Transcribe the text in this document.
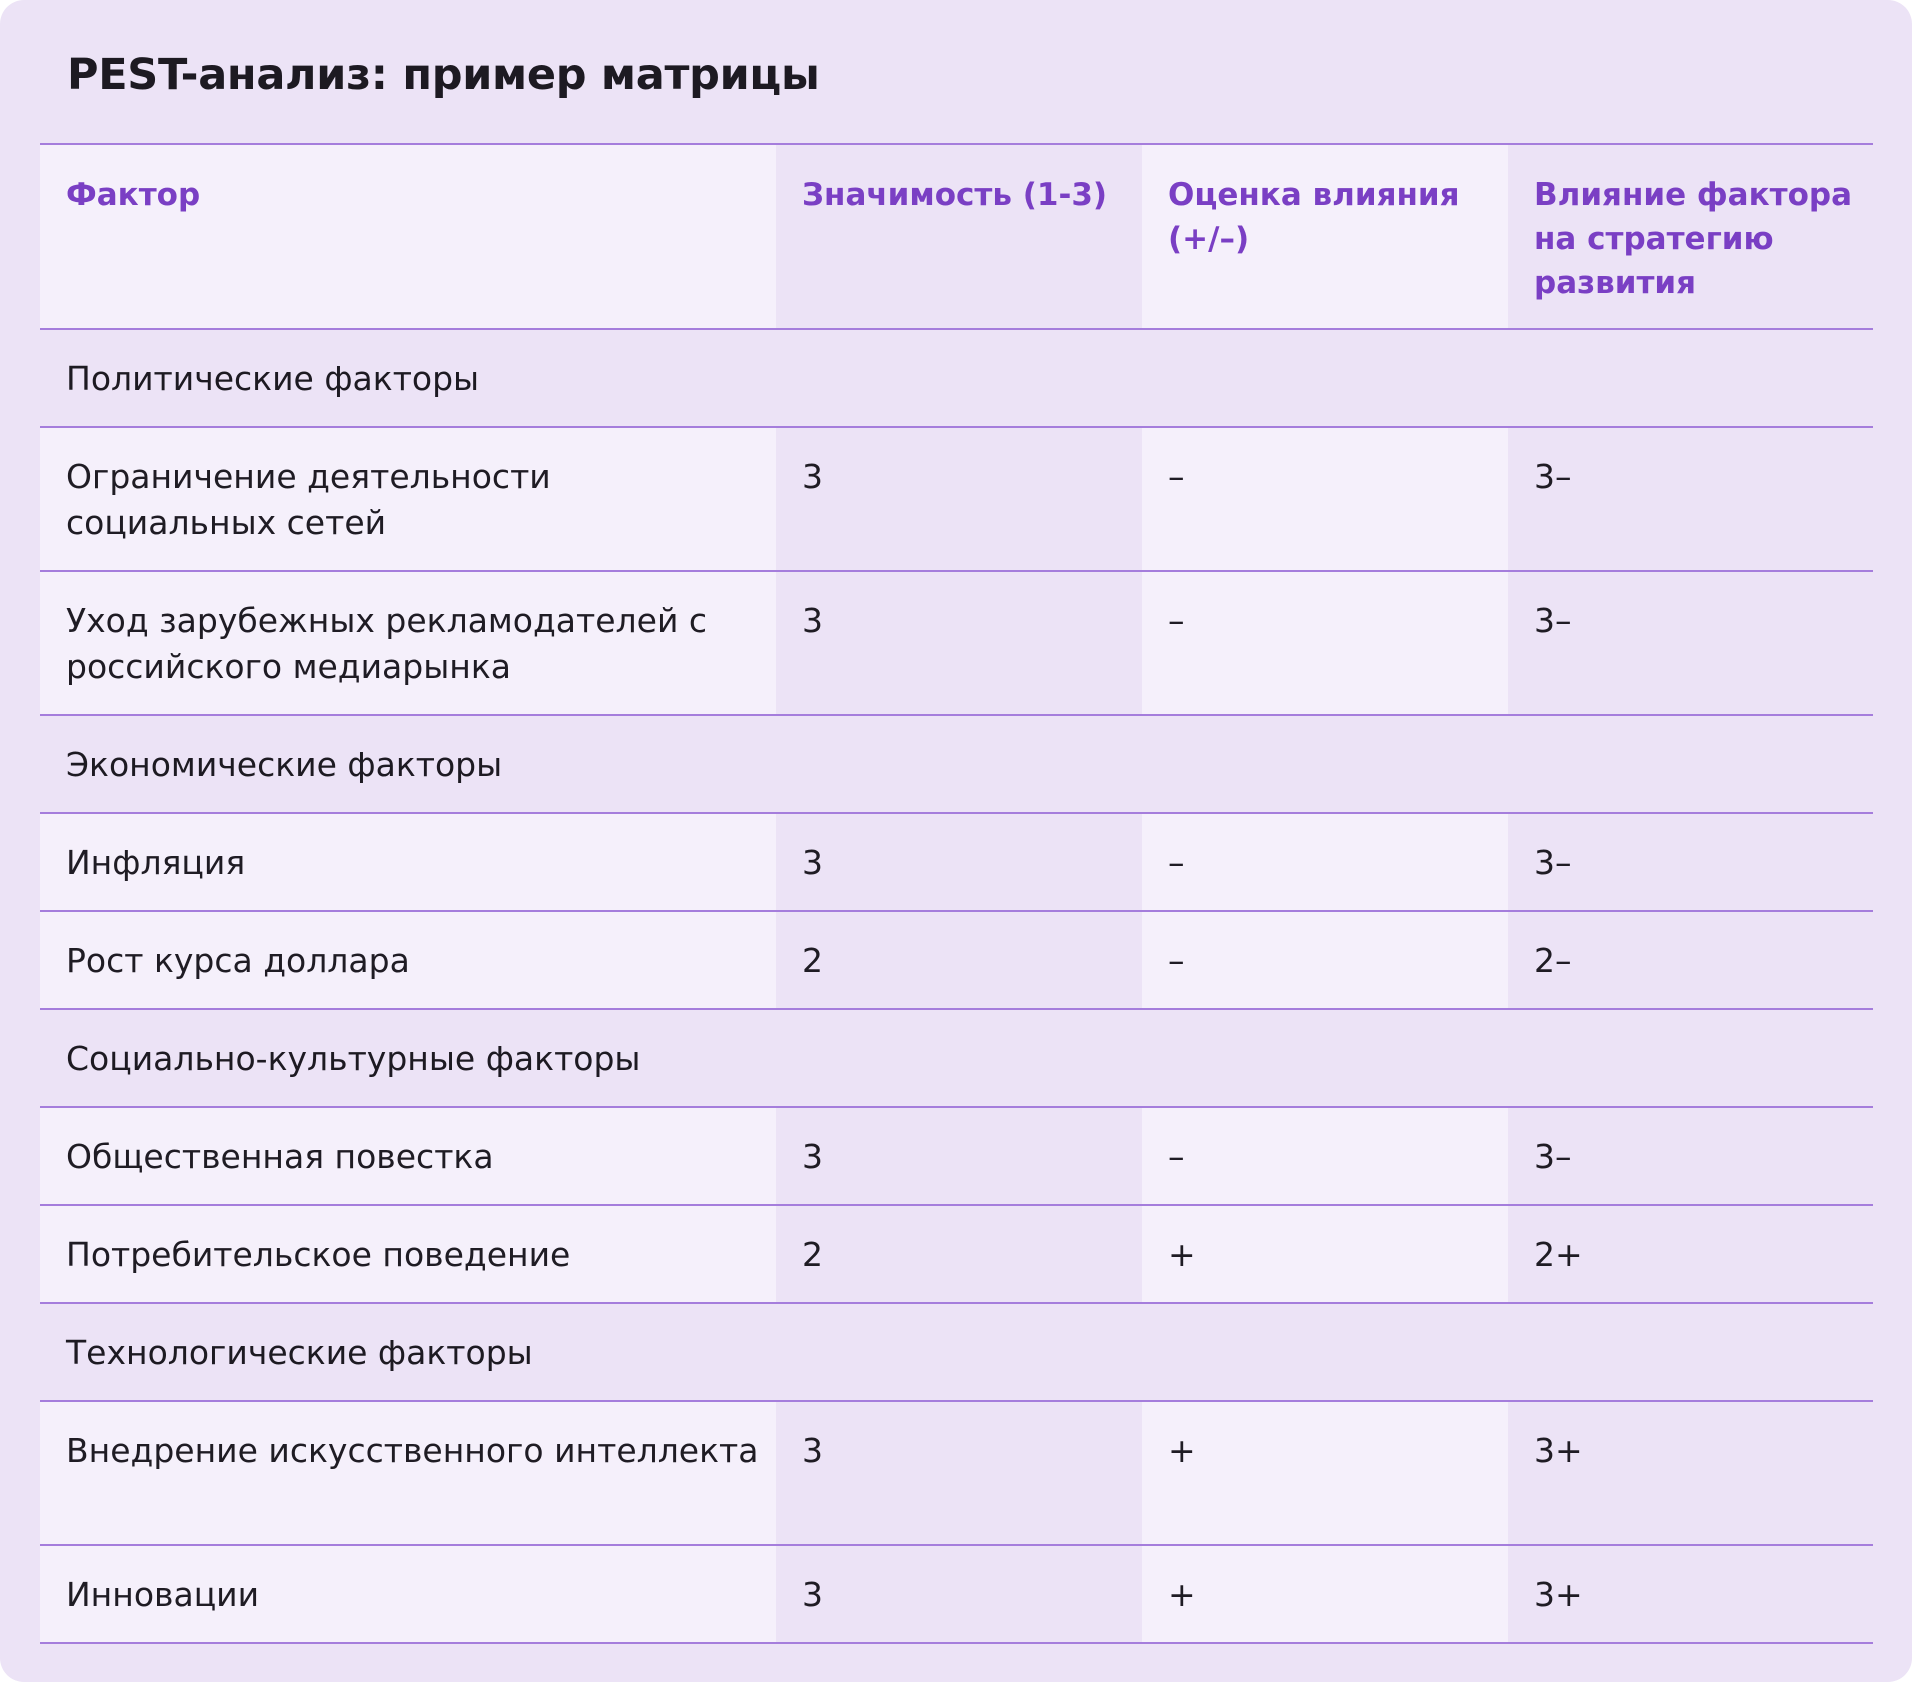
PEST-анализ: пример матрицы
Фактор	Значимость (1-3)	Оценка влияния (+/–)	Влияние фактора на стратегию развития
Политические факторы			
Ограничение деятельности социальных сетей	3	–	3–
Уход зарубежных рекламодателей с российского медиарынка	3	–	3–
Экономические факторы			
Инфляция	3	–	3–
Рост курса доллара	2	–	2–
Социально-культурные факторы			
Общественная повестка	3	–	3–
Потребительское поведение	2	+	2+
Технологические факторы			
Внедрение искусственного интеллекта	3	+	3+
Инновации	3	+	3+
